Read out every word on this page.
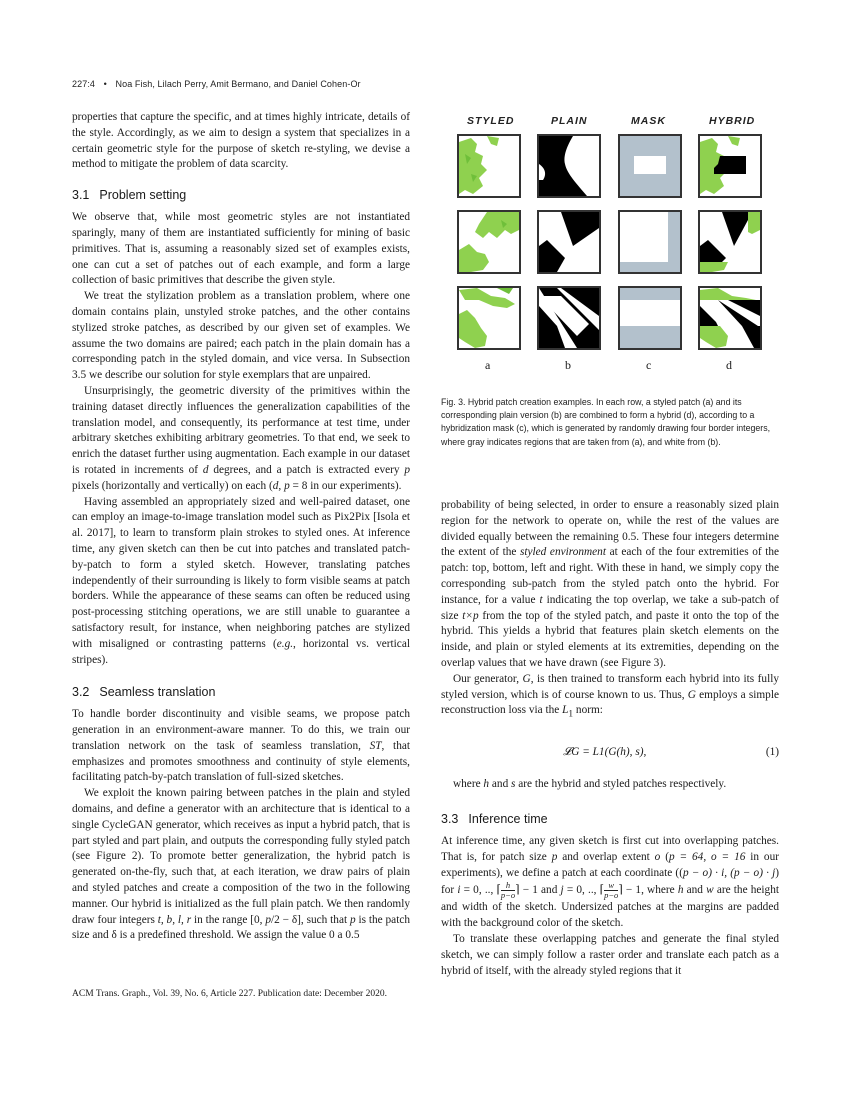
227:4 • Noa Fish, Lilach Perry, Amit Bermano, and Daniel Cohen-Or

properties that capture the specific, and at times highly intricate, details of the style. Accordingly, as we aim to design a system that specializes in a certain geometric style for the purpose of sketch re-styling, we devise a method to mitigate the problem of data scarcity.

3.1 Problem setting

We observe that, while most geometric styles are not instantiated sparingly, many of them are instantiated sufficiently for mining of basic primitives. That is, assuming a reasonably sized set of examples exists, one can cut a set of patches out of each example, and form a large collection of basic primitives that describe the given style.

We treat the stylization problem as a translation problem, where one domain contains plain, unstyled stroke patches, and the other contains stylized stroke patches, as described by our given set of examples. We assume the two domains are paired; each patch in the plain domain has a corresponding patch in the styled domain, and vice versa. In Subsection 3.5 we describe our solution for style exemplars that are unpaired.

Unsurprisingly, the geometric diversity of the primitives within the training dataset directly influences the generalization capabilities of the translation model, and consequently, its performance at test time, under arbitrary sketches exhibiting arbitrary geometries. To that end, we seek to enrich the dataset further using augmentation. Each example in our dataset is rotated in increments of d degrees, and a patch is extracted every p pixels (horizontally and vertically) on each (d, p = 8 in our experiments).

Having assembled an appropriately sized and well-paired dataset, one can employ an image-to-image translation model such as Pix2Pix [Isola et al. 2017], to learn to transform plain strokes to styled ones. At inference time, any given sketch can then be cut into patches and translated patch-by-patch to form a styled sketch. However, translating patches independently of their surrounding is likely to form visible seams at patch borders. While the appearance of these seams can often be reduced using post-processing stitching operations, we are still unable to guarantee a satisfactory result, for instance, when neighboring patches are stylized with misaligned or contrasting patterns (e.g., horizontal vs. vertical stripes).

3.2 Seamless translation

To handle border discontinuity and visible seams, we propose patch generation in an environment-aware manner. To do this, we train our translation network on the task of seamless translation, ST, that emphasizes and promotes smoothness and continuity of style elements, facilitating patch-by-patch translation of full-sized sketches.

We exploit the known pairing between patches in the plain and styled domains, and define a generator with an architecture that is identical to a single CycleGAN generator, which receives as input a hybrid patch, that is part styled and part plain, and outputs the corresponding fully styled patch (see Figure 2). To promote better generalization, the hybrid patch is generated on-the-fly, such that, at each iteration, we draw pairs of plain and styled patches and create a composition of the two in the following manner. Our hybrid is initialized as the full plain patch. We then randomly draw four integers t, b, l, r in the range [0, p/2 − δ], such that p is the patch size and δ is a predefined threshold. We assign the value 0 a 0.5

STYLED	PLAIN	MASK	HYBRID
a	b	c	d
Fig. 3. Hybrid patch creation examples. In each row, a styled patch (a) and its corresponding plain version (b) are combined to form a hybrid (d), according to a hybridization mask (c), which is generated by randomly drawing four border integers, where gray indicates regions that are taken from (a), and white from (b).

probability of being selected, in order to ensure a reasonably sized plain region for the network to operate on, while the rest of the values are divided equally between the remaining 0.5. These four integers determine the extent of the styled environment at each of the four extremities of the patch: top, bottom, left and right. With these in hand, we simply copy the corresponding sub-patch from the styled patch onto the hybrid. For instance, for a value t indicating the top overlap, we take a sub-patch of size t×p from the top of the styled patch, and paste it onto the top of the hybrid. This yields a hybrid that features plain sketch elements on the inside, and plain or styled elements at its extremities, depending on the overlap values that we have drawn (see Figure 3).

Our generator, G, is then trained to transform each hybrid into its fully styled version, which is of course known to us. Thus, G employs a simple reconstruction loss via the $L_1$ norm:

𝓛G = L1(G(h), s),	(1)

where h and s are the hybrid and styled patches respectively.

3.3 Inference time

At inference time, any given sketch is first cut into overlapping patches. That is, for patch size p and overlap extent o (p = 64, o = 16 in our experiments), we define a patch at each coordinate ((p − o) · i, (p − o) · j) for i = 0, .., ⌈ $\frac{h}{p-o}$ ⌉ − 1 and j = 0, .., ⌈ $\frac{w}{p-o}$ ⌉ − 1, where h and w are the height and width of the sketch. Undersized patches at the margins are padded with the background color of the sketch.

To translate these overlapping patches and generate the final styled sketch, we can simply follow a raster order and translate each patch as a hybrid of itself, with the already styled regions that it

ACM Trans. Graph., Vol. 39, No. 6, Article 227. Publication date: December 2020.
